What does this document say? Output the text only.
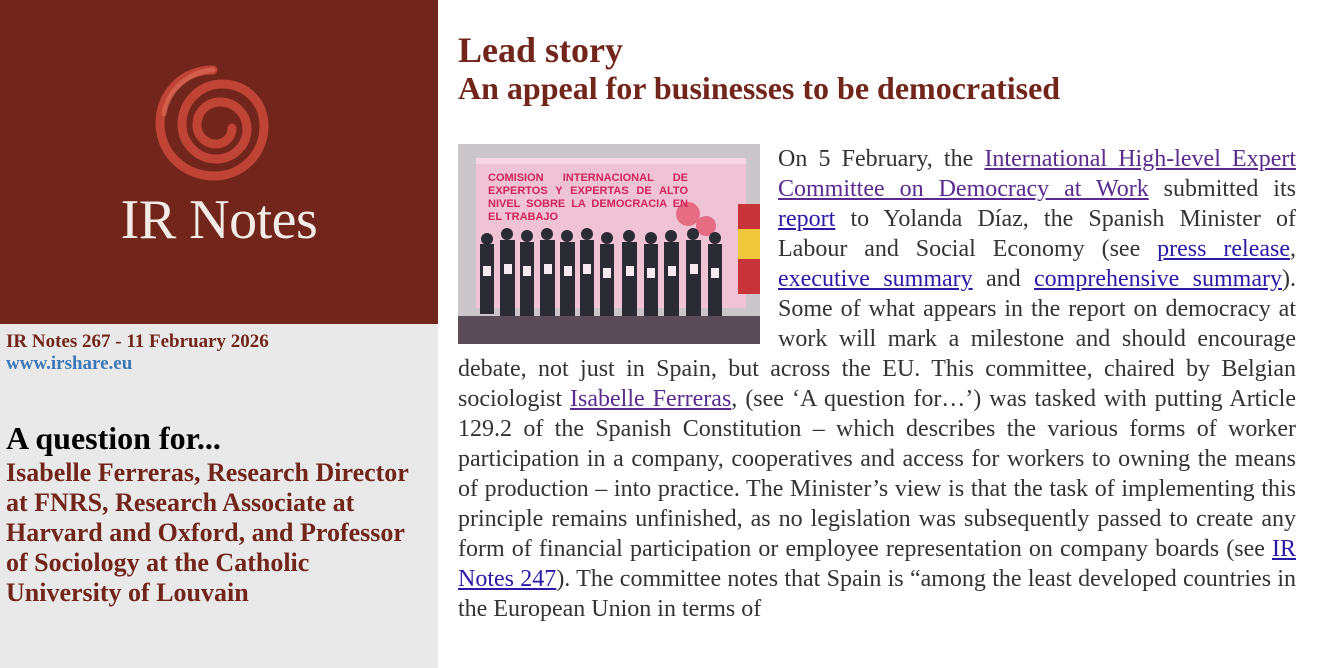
IR Notes
IR Notes 267 - 11 February 2026
www.irshare.eu
A question for...
Isabelle Ferreras, Research Director at FNRS, Research Associate at Harvard and Oxford, and Professor of Sociology at the Catholic University of Louvain
Lead story
An appeal for businesses to be democratised
COMISIÓN INTERNACIONAL DE EXPERTOS Y EXPERTAS DE ALTO NIVEL SOBRE LA DEMOCRACIA EN EL TRABAJO
On 5 February, the International High-level Expert Committee on Democracy at Work submitted its report to Yolanda Díaz, the Spanish Minister of Labour and Social Economy (see press release, executive summary and comprehensive summary). Some of what appears in the report on democracy at work will mark a milestone and should encourage debate, not just in Spain, but across the EU. This committee, chaired by Belgian sociologist Isabelle Ferreras, (see ‘A question for…’) was tasked with putting Article 129.2 of the Spanish Constitution – which describes the various forms of worker participation in a company, cooperatives and access for workers to owning the means of production – into practice. The Minister’s view is that the task of implementing this principle remains unfinished, as no legislation was subsequently passed to create any form of financial participation or employee representation on company boards (see IR Notes 247). The committee notes that Spain is “among the least developed countries in the European Union in terms of
